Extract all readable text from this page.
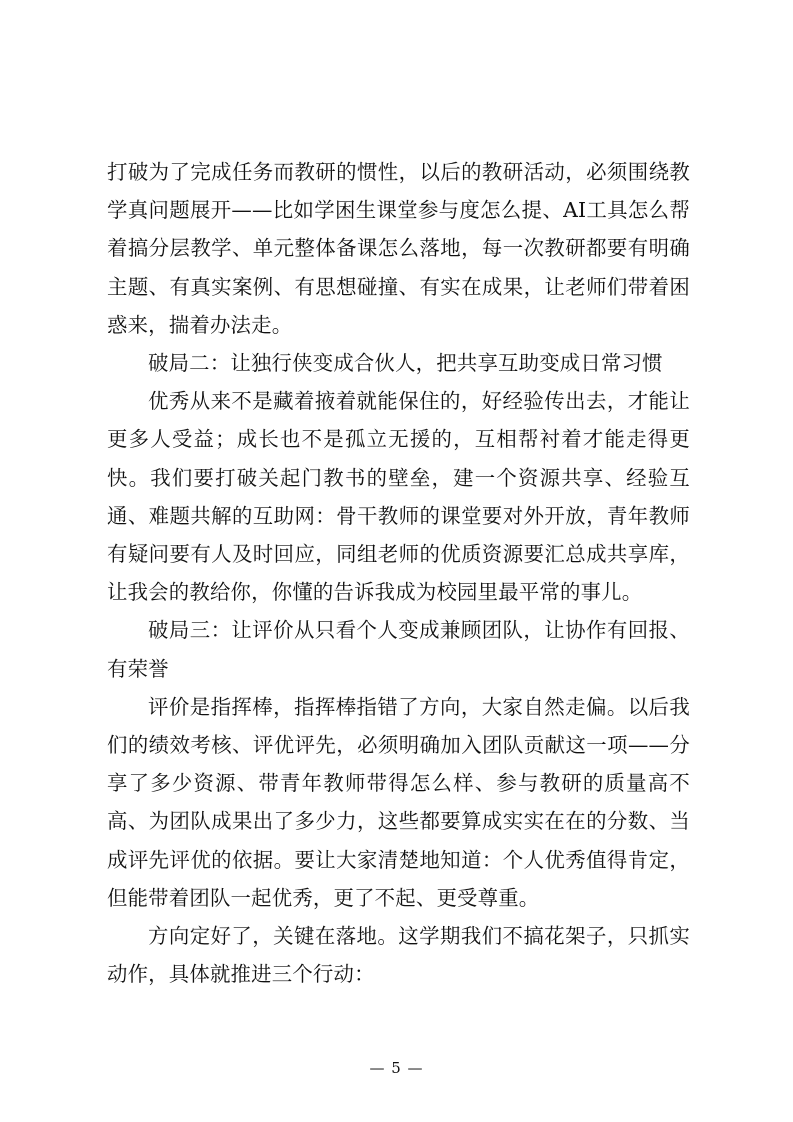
打破为了完成任务而教研的惯性，以后的教研活动，必须围绕教学真问题展开——比如学困生课堂参与度怎么提、AI工具怎么帮着搞分层教学、单元整体备课怎么落地，每一次教研都要有明确主题、有真实案例、有思想碰撞、有实在成果，让老师们带着困惑来，揣着办法走。

破局二：让独行侠变成合伙人，把共享互助变成日常习惯

优秀从来不是藏着掖着就能保住的，好经验传出去，才能让更多人受益；成长也不是孤立无援的，互相帮衬着才能走得更快。我们要打破关起门教书的壁垒，建一个资源共享、经验互通、难题共解的互助网：骨干教师的课堂要对外开放，青年教师有疑问要有人及时回应，同组老师的优质资源要汇总成共享库，让我会的教给你，你懂的告诉我成为校园里最平常的事儿。

破局三：让评价从只看个人变成兼顾团队，让协作有回报、有荣誉

评价是指挥棒，指挥棒指错了方向，大家自然走偏。以后我们的绩效考核、评优评先，必须明确加入团队贡献这一项——分享了多少资源、带青年教师带得怎么样、参与教研的质量高不高、为团队成果出了多少力，这些都要算成实实在在的分数、当成评先评优的依据。要让大家清楚地知道：个人优秀值得肯定，但能带着团队一起优秀，更了不起、更受尊重。

方向定好了，关键在落地。这学期我们不搞花架子，只抓实动作，具体就推进三个行动：

— 5 —
